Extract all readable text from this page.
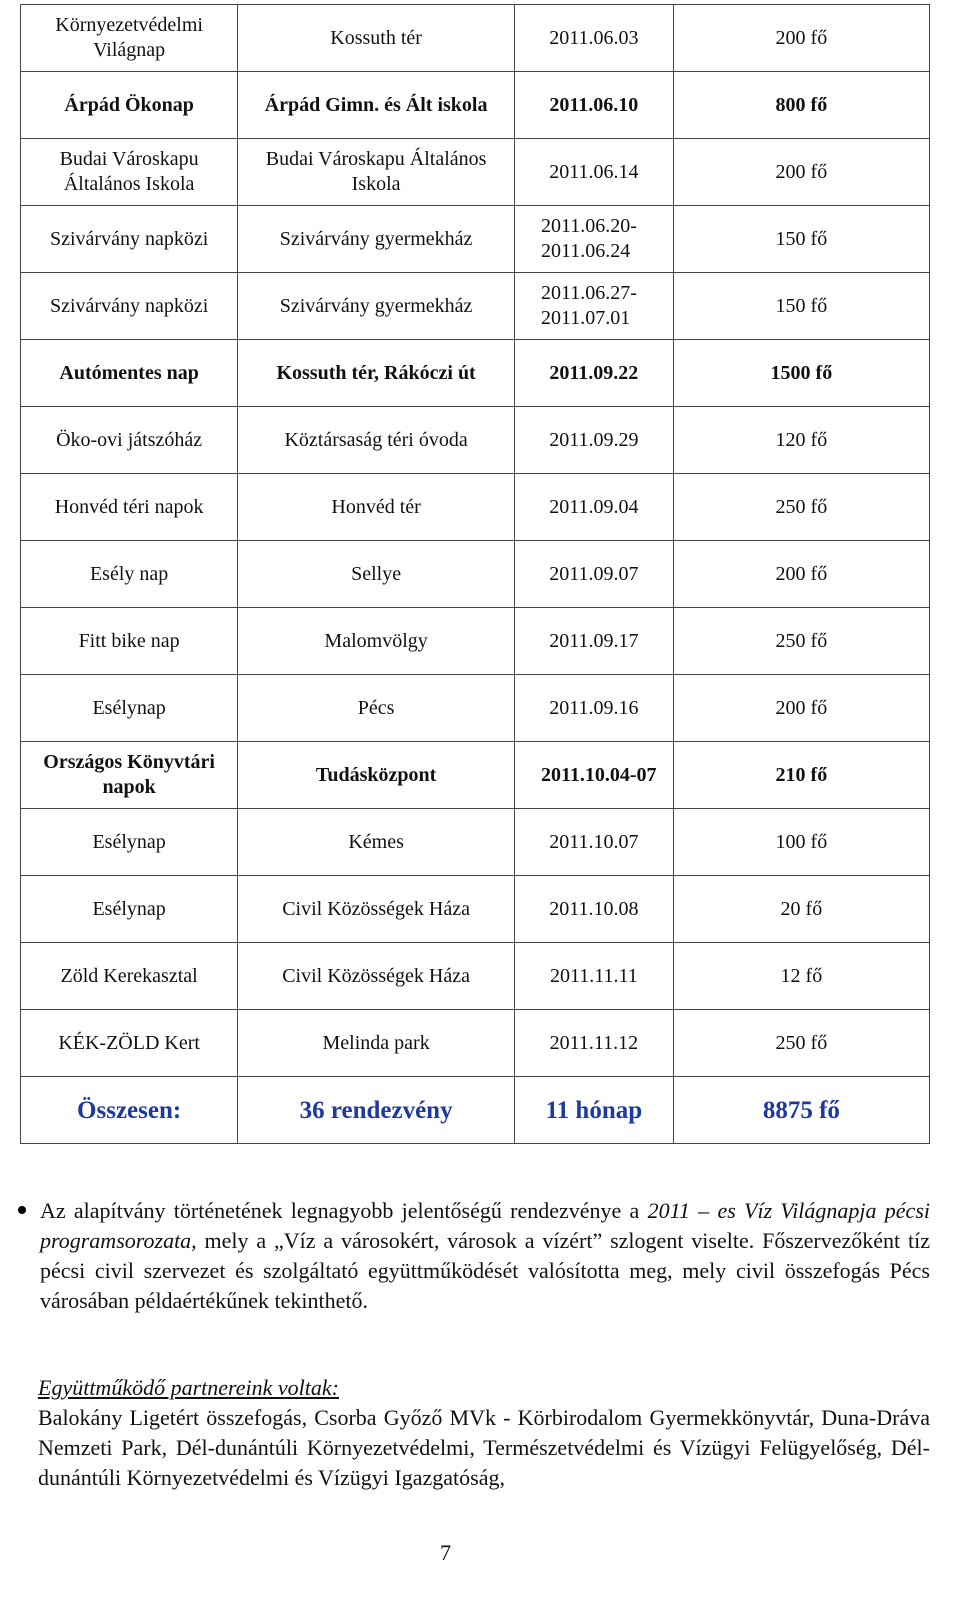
Környezetvédelmi Világnap	Kossuth tér	2011.06.03	200 fő
Árpád Ökonap	Árpád Gimn. és Ált iskola	2011.06.10	800 fő
Budai Városkapu Általános Iskola	Budai Városkapu Általános Iskola	2011.06.14	200 fő
Szivárvány napközi	Szivárvány gyermekház	2011.06.20-2011.06.24	150 fő
Szivárvány napközi	Szivárvány gyermekház	2011.06.27-2011.07.01	150 fő
Autómentes nap	Kossuth tér, Rákóczi út	2011.09.22	1500 fő
Öko-ovi játszóház	Köztársaság téri óvoda	2011.09.29	120 fő
Honvéd téri napok	Honvéd tér	2011.09.04	250 fő
Esély nap	Sellye	2011.09.07	200 fő
Fitt bike nap	Malomvölgy	2011.09.17	250 fő
Esélynap	Pécs	2011.09.16	200 fő
Országos Könyvtári napok	Tudásközpont	2011.10.04-07	210 fő
Esélynap	Kémes	2011.10.07	100 fő
Esélynap	Civil Közösségek Háza	2011.10.08	20 fő
Zöld Kerekasztal	Civil Közösségek Háza	2011.11.11	12 fő
KÉK-ZÖLD Kert	Melinda park	2011.11.12	250 fő
Összesen:	36 rendezvény	11 hónap	8875 fő
Az alapítvány történetének legnagyobb jelentőségű rendezvénye a 2011 – es Víz Világnapja pécsi programsorozata, mely a „Víz a városokért, városok a vízért” szlogent viselte. Főszervezőként tíz pécsi civil szervezet és szolgáltató együttműködését valósította meg, mely civil összefogás Pécs városában példaértékűnek tekinthető.
Együttműködő partnereink voltak:
Balokány Ligetért összefogás, Csorba Győző MVk - Körbirodalom Gyermekkönyvtár, Duna-Dráva Nemzeti Park, Dél-dunántúli Környezetvédelmi, Természetvédelmi és Vízügyi Felügyelőség, Dél-dunántúli Környezetvédelmi és Vízügyi Igazgatóság,
7
